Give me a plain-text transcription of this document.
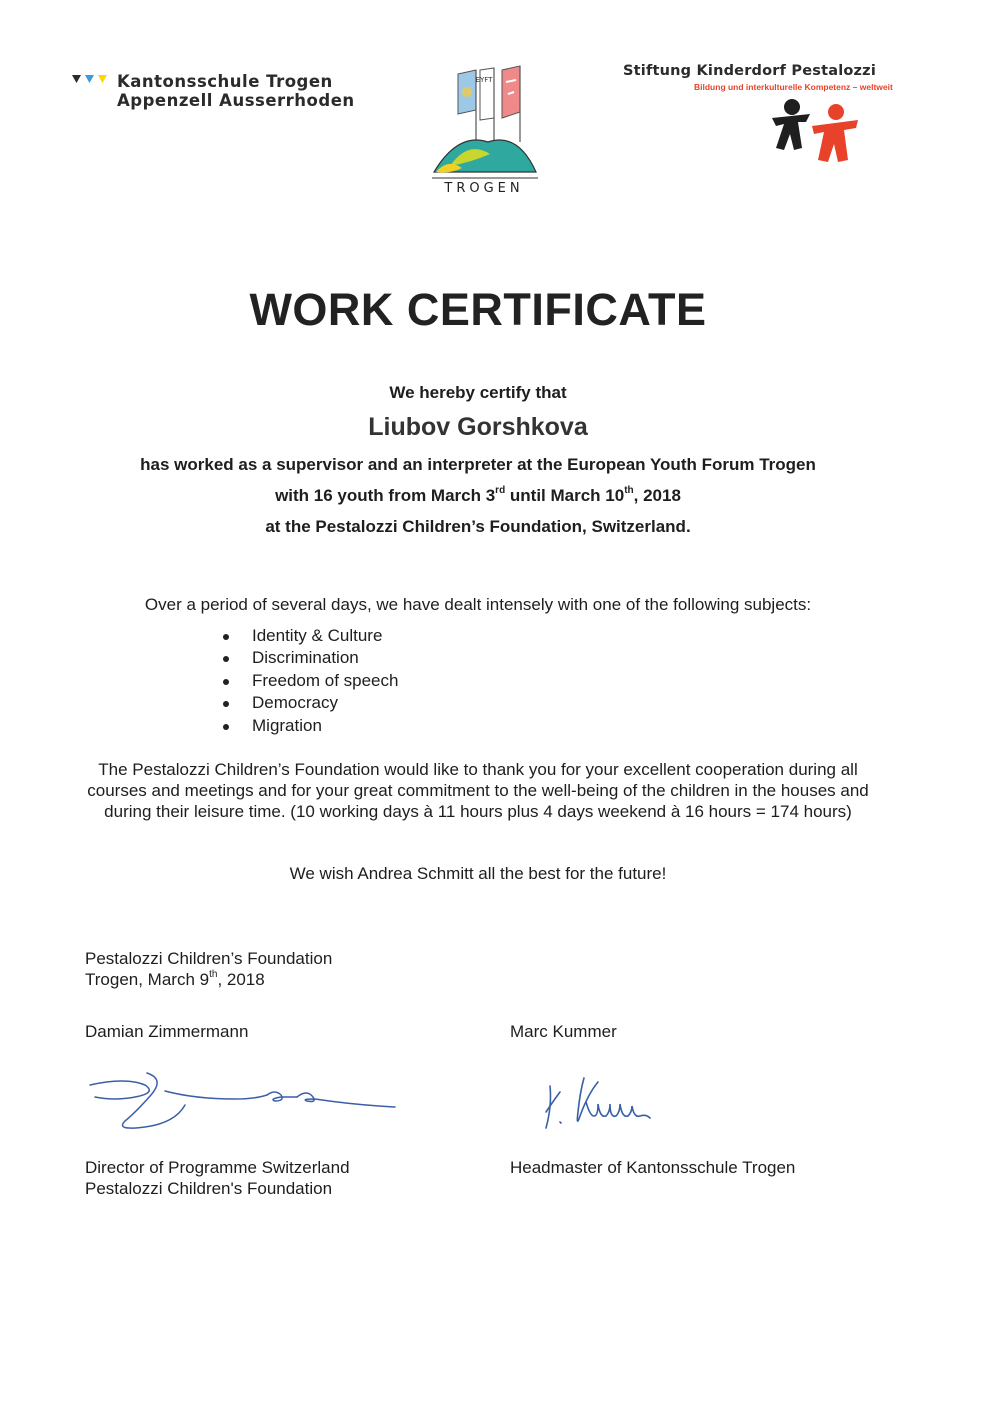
Kantonsschule Trogen
Appenzell Ausserrhoden
EYFT
TROGEN
Stiftung Kinderdorf Pestalozzi
Bildung und interkulturelle Kompetenz – weltweit
WORK CERTIFICATE
We hereby certify that
Liubov Gorshkova
has worked as a supervisor and an interpreter at the European Youth Forum Trogen
with 16 youth from March 3rd until March 10th, 2018
at the Pestalozzi Children’s Foundation, Switzerland.
Over a period of several days, we have dealt intensely with one of the following subjects:
Identity & Culture
Discrimination
Freedom of speech
Democracy
Migration
The Pestalozzi Children’s Foundation would like to thank you for your excellent cooperation during all courses and meetings and for your great commitment to the well-being of the children in the houses and during their leisure time. (10 working days à 11 hours plus 4 days weekend à 16 hours = 174 hours)
We wish Andrea Schmitt all the best for the future!
Pestalozzi Children’s Foundation
Trogen, March 9th, 2018
Damian Zimmermann	Marc Kummer
Director of Programme Switzerland
Pestalozzi Children's Foundation
Headmaster of Kantonsschule Trogen
